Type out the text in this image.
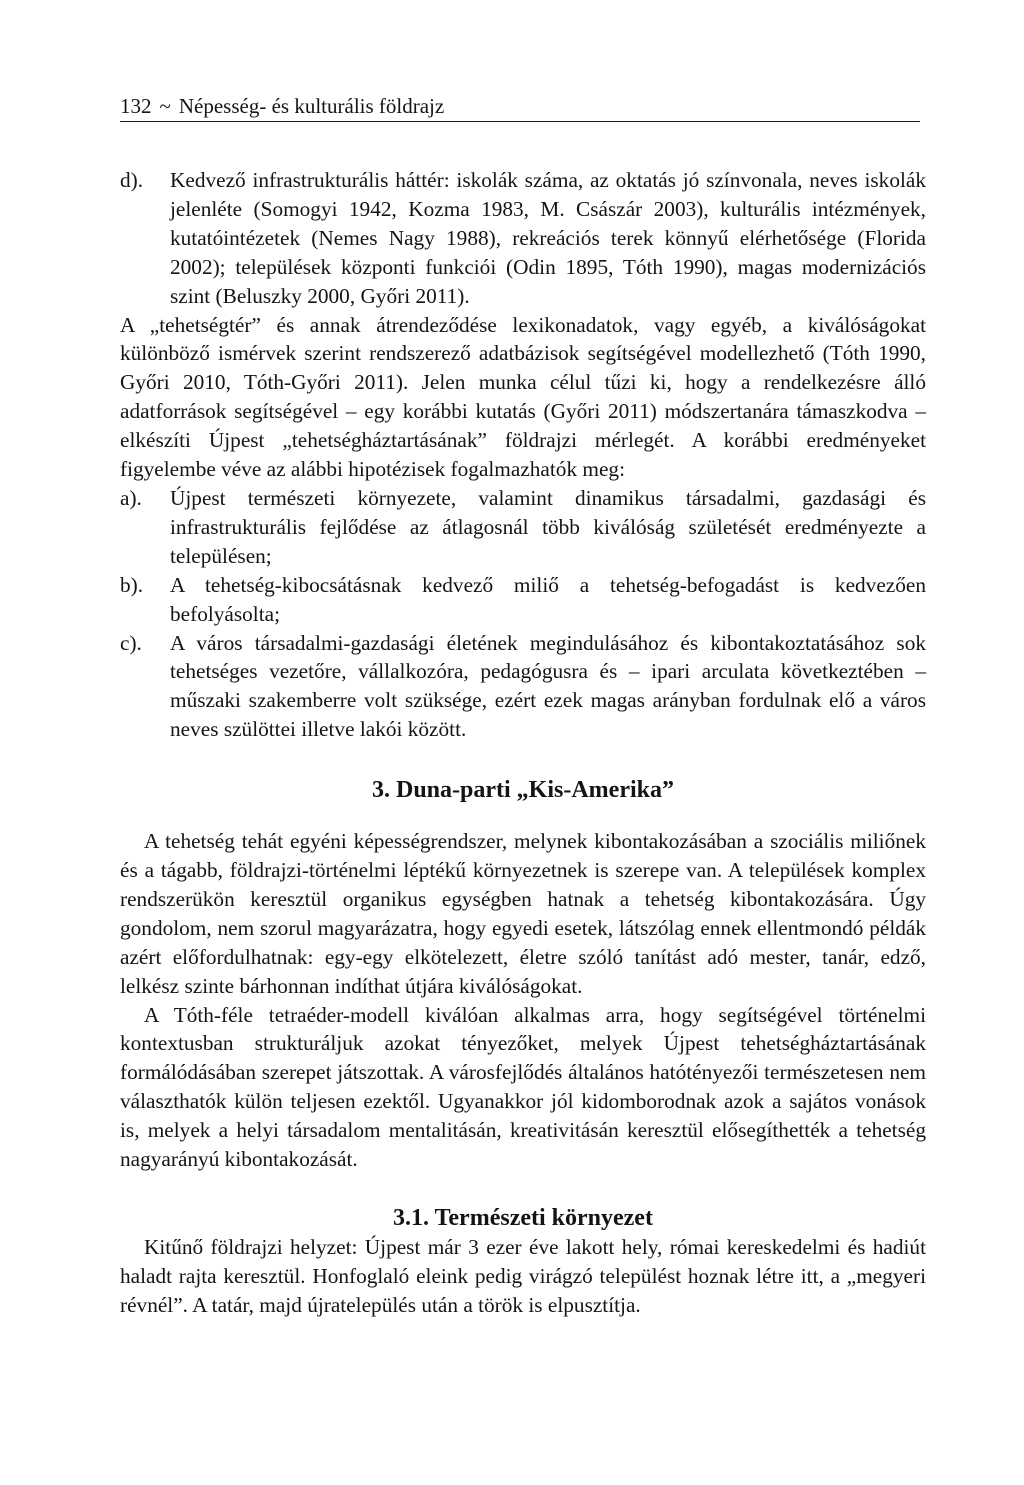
132 ~ Népesség- és kulturális földrajz
d).	Kedvező infrastrukturális háttér: iskolák száma, az oktatás jó színvonala, neves iskolák jelenléte (Somogyi 1942, Kozma 1983, M. Császár 2003), kulturális intézmények, kutatóintézetek (Nemes Nagy 1988), rekreációs terek könnyű elérhetősége (Florida 2002); települések központi funkciói (Odin 1895, Tóth 1990), magas modernizációs szint (Beluszky 2000, Győri 2011).

A „tehetségtér” és annak átrendeződése lexikonadatok, vagy egyéb, a kiválóságokat különböző ismérvek szerint rendszerező adatbázisok segítségével modellezhető (Tóth 1990, Győri 2010, Tóth-Győri 2011). Jelen munka célul tűzi ki, hogy a rendelkezésre álló adatforrások segítségével – egy korábbi kutatás (Győri 2011) módszertanára támaszkodva – elkészíti Újpest „tehetségháztartásának” földrajzi mérlegét. A korábbi eredményeket figyelembe véve az alábbi hipotézisek fogalmazhatók meg:

a).	Újpest természeti környezete, valamint dinamikus társadalmi, gazdasági és infrastrukturális fejlődése az átlagosnál több kiválóság születését eredményezte a településen;
b).	A tehetség-kibocsátásnak kedvező miliő a tehetség-befogadást is kedvezően befolyásolta;
c).	A város társadalmi-gazdasági életének megindulásához és kibontakoztatásához sok tehetséges vezetőre, vállalkozóra, pedagógusra és – ipari arculata következtében – műszaki szakemberre volt szüksége, ezért ezek magas arányban fordulnak elő a város neves szülöttei illetve lakói között.
3. Duna-parti „Kis-Amerika”

A tehetség tehát egyéni képességrendszer, melynek kibontakozásában a szociális miliőnek és a tágabb, földrajzi-történelmi léptékű környezetnek is szerepe van. A települések komplex rendszerükön keresztül organikus egységben hatnak a tehetség kibontakozására. Úgy gondolom, nem szorul magyarázatra, hogy egyedi esetek, látszólag ennek ellentmondó példák azért előfordulhatnak: egy-egy elkötelezett, életre szóló tanítást adó mester, tanár, edző, lelkész szinte bárhonnan indíthat útjára kiválóságokat.

A Tóth-féle tetraéder-modell kiválóan alkalmas arra, hogy segítségével történelmi kontextusban strukturáljuk azokat tényezőket, melyek Újpest tehetségháztartásának formálódásában szerepet játszottak. A városfejlődés általános hatótényezői természetesen nem választhatók külön teljesen ezektől. Ugyanakkor jól kidomborodnak azok a sajátos vonások is, melyek a helyi társadalom mentalitásán, kreativitásán keresztül elősegíthették a tehetség nagyarányú kibontakozását.

3.1. Természeti környezet

Kitűnő földrajzi helyzet: Újpest már 3 ezer éve lakott hely, római kereskedelmi és hadiút haladt rajta keresztül. Honfoglaló eleink pedig virágzó települést hoznak létre itt, a „megyeri révnél”. A tatár, majd újratelepülés után a török is elpusztítja.
